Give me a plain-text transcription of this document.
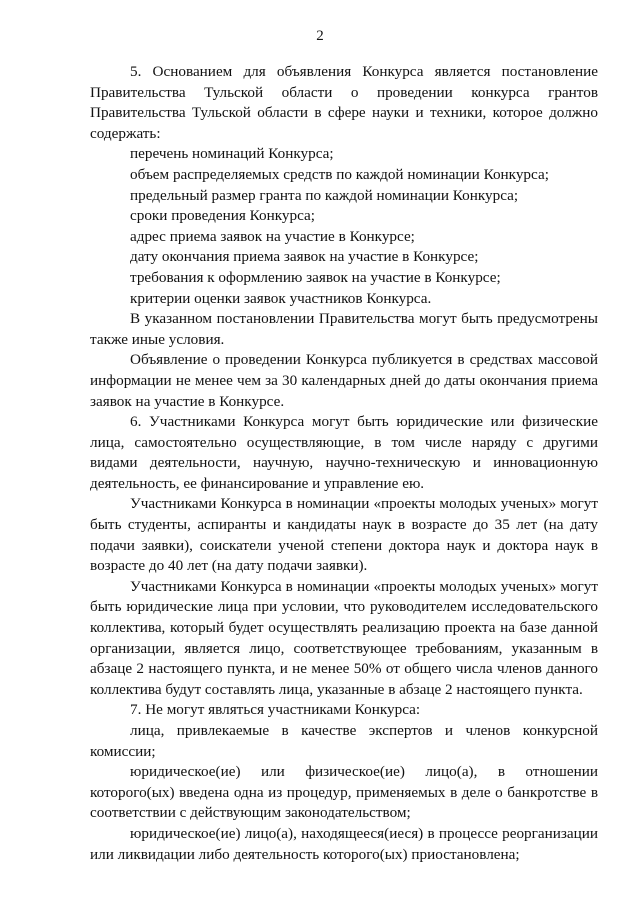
2

5. Основанием для объявления Конкурса является постановление Правительства Тульской области о проведении конкурса грантов Правительства Тульской области в сфере науки и техники, которое должно содержать:

перечень номинаций Конкурса;

объем распределяемых средств по каждой номинации Конкурса;

предельный размер гранта по каждой номинации Конкурса;

сроки проведения Конкурса;

адрес приема заявок на участие в Конкурсе;

дату окончания приема заявок на участие в Конкурсе;

требования к оформлению заявок на участие в Конкурсе;

критерии оценки заявок участников Конкурса.

В указанном постановлении Правительства могут быть предусмотрены также иные условия.

Объявление о проведении Конкурса публикуется в средствах массовой информации не менее чем за 30 календарных дней до даты окончания приема заявок на участие в Конкурсе.

6. Участниками Конкурса могут быть юридические или физические лица, самостоятельно осуществляющие, в том числе наряду с другими видами деятельности, научную, научно-техническую и инновационную деятельность, ее финансирование и управление ею.

Участниками Конкурса в номинации «проекты молодых ученых» могут быть студенты, аспиранты и кандидаты наук в возрасте до 35 лет (на дату подачи заявки), соискатели ученой степени доктора наук и доктора наук в возрасте до 40 лет (на дату подачи заявки).

Участниками Конкурса в номинации «проекты молодых ученых» могут быть юридические лица при условии, что руководителем исследовательского коллектива, который будет осуществлять реализацию проекта на базе данной организации, является лицо, соответствующее требованиям, указанным в абзаце 2 настоящего пункта, и не менее 50% от общего числа членов данного коллектива будут составлять лица, указанные в абзаце 2 настоящего пункта.

7. Не могут являться участниками Конкурса:

лица, привлекаемые в качестве экспертов и членов конкурсной комиссии;

юридическое(ие) или физическое(ие) лицо(а), в отношении которого(ых) введена одна из процедур, применяемых в деле о банкротстве в соответствии с действующим законодательством;

юридическое(ие) лицо(а), находящееся(иеся) в процессе реорганизации или ликвидации либо деятельность которого(ых) приостановлена;
